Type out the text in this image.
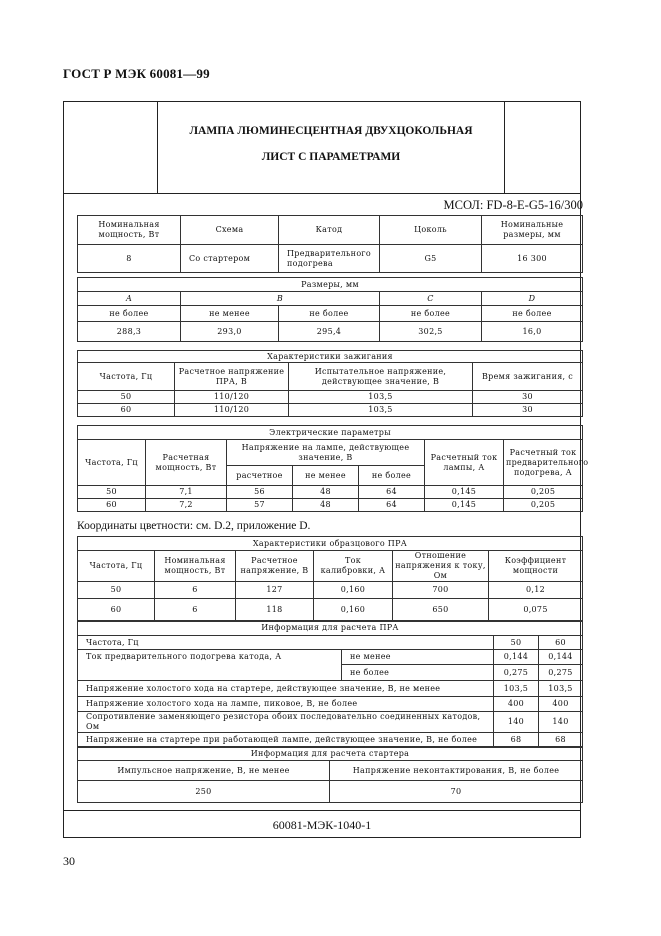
ГОСТ Р МЭК 60081—99
ЛАМПА ЛЮМИНЕСЦЕНТНАЯ ДВУХЦОКОЛЬНАЯ
ЛИСТ С ПАРАМЕТРАМИ
МСОЛ: FD-8-E-G5-16/300
Номинальная мощность, Вт	Схема	Катод	Цоколь	Номинальные размеры, мм
8	Со стартером	Предварительного подогрева	G5	16 300
Размеры, мм				
A	B		C	D
не более	не менее	не более	не более	не более
288,3	293,0	295,4	302,5	16,0
Характеристики зажигания			
Частота, Гц	Расчетное напряжение ПРА, В	Испытательное напряжение, действующее значение, В	Время зажигания, с
50	110/120	103,5	30
60	110/120	103,5	30
Электрические параметры						
Частота, Гц	Расчетная мощность, Вт	Напряжение на лампе, действующее значение, В			Расчетный ток лампы, А	Расчетный ток предварительного подогрева, А
		расчетное	не менее	не более		
50	7,1	56	48	64	0,145	0,205
60	7,2	57	48	64	0,145	0,205
Координаты цветности: см. D.2, приложение D.
Характеристики образцового ПРА					
Частота, Гц	Номинальная мощность, Вт	Расчетное напряжение, В	Ток калибровки, А	Отношение напряжения к току, Ом	Коэффициент мощности
50	6	127	0,160	700	0,12
60	6	118	0,160	650	0,075
Информация для расчета ПРА			
Частота, Гц		50	60
Ток предварительного подогрева катода, А	не менее	0,144	0,144
	не более	0,275	0,275
Напряжение холостого хода на стартере, действующее значение, В, не менее		103,5	103,5
Напряжение холостого хода на лампе, пиковое, В, не более		400	400
Сопротивление заменяющего резистора обоих последовательно соединенных катодов, Ом		140	140
Напряжение на стартере при работающей лампе, действующее значение, В, не более		68	68
Информация для расчета стартера	
Импульсное напряжение, В, не менее	Напряжение неконтактирования, В, не более
250	70
60081-МЭК-1040-1
30
